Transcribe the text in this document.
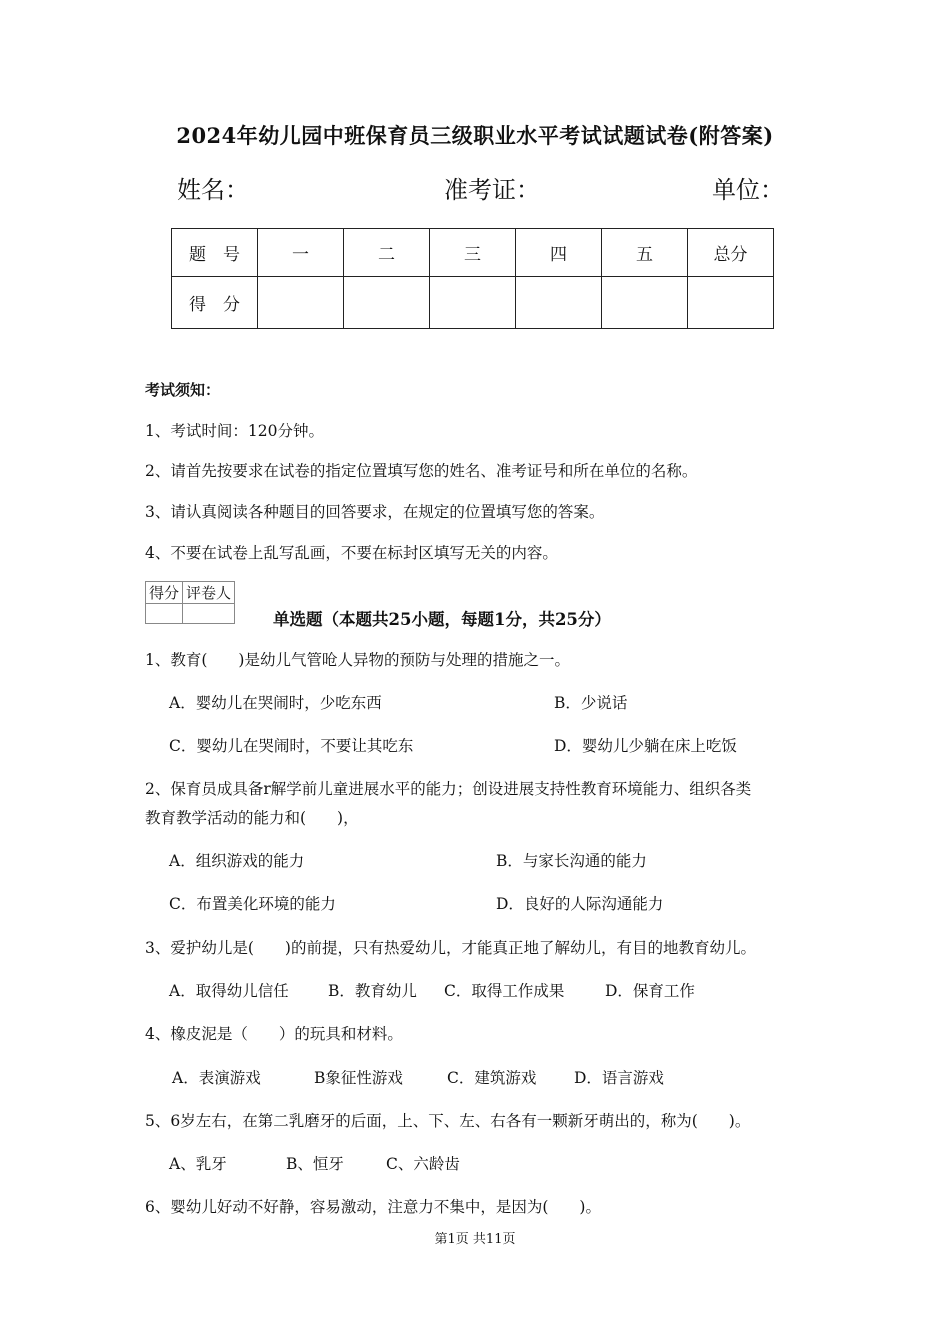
2024年幼儿园中班保育员三级职业水平考试试题试卷(附答案)
姓名：	准考证：	单位：
题　号	一	二	三	四	五	总分
得　分						
考试须知：
1、考试时间：120分钟。
2、请首先按要求在试卷的指定位置填写您的姓名、准考证号和所在单位的名称。
3、请认真阅读各种题目的回答要求，在规定的位置填写您的答案。
4、不要在试卷上乱写乱画，不要在标封区填写无关的内容。
得分	评卷人

单选题（本题共25小题，每题1分，共25分）
1、教育(　　)是幼儿气管呛人异物的预防与处理的措施之一。
A．婴幼儿在哭闹时，少吃东西	B．少说话
C．婴幼儿在哭闹时，不要让其吃东	D．婴幼儿少躺在床上吃饭
2、保育员成具备r解学前儿童进展水平的能力；创设进展支持性教育环境能力、组织各类
教育教学活动的能力和(　　)，
A．组织游戏的能力	B．与家长沟通的能力
C．布置美化环境的能力	D．良好的人际沟通能力
3、爱护幼儿是(　　)的前提，只有热爱幼儿，才能真正地了解幼儿，有目的地教育幼儿。
A．取得幼儿信任	B．教育幼儿 C．取得工作成果	D．保育工作
4、橡皮泥是（　　）的玩具和材料。
A．表演游戏	B象征性游戏	C．建筑游戏 D．语言游戏
5、6岁左右，在第二乳磨牙的后面，上、下、左、右各有一颗新牙萌出的，称为(　　)。
A、乳牙	B、恒牙	C、六龄齿
6、婴幼儿好动不好静，容易激动，注意力不集中，是因为(　　)。
第1页 共11页
